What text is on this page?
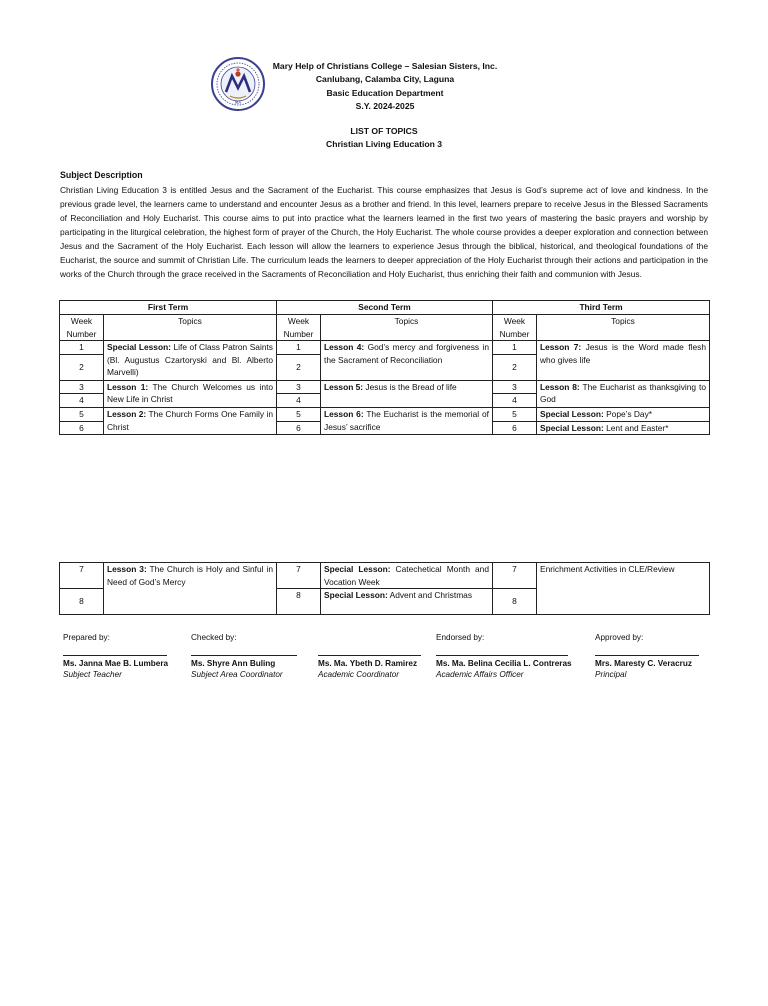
MA
Mary Help of Christians College – Salesian Sisters, Inc.
Canlubang, Calamba City, Laguna
Basic Education Department
S.Y. 2024-2025
LIST OF TOPICS
Christian Living Education 3
Subject Description
Christian Living Education 3 is entitled Jesus and the Sacrament of the Eucharist. This course emphasizes that Jesus is God’s supreme act of love and kindness. In the previous grade level, the learners came to understand and encounter Jesus as a brother and friend. In this level, learners prepare to receive Jesus in the Blessed Sacraments of Reconciliation and Holy Eucharist. This course aims to put into practice what the learners learned in the first two years of mastering the basic prayers and worship by participating in the liturgical celebration, the highest form of prayer of the Church, the Holy Eucharist. The whole course provides a deeper exploration and connection between Jesus and the Sacrament of the Holy Eucharist. Each lesson will allow the learners to experience Jesus through the biblical, historical, and theological foundations of the Eucharist, the source and summit of Christian Life. The curriculum leads the learners to deeper appreciation of the Holy Eucharist through their actions and participation in the works of the Church through the grace received in the Sacraments of Reconciliation and Holy Eucharist, thus enriching their faith and communion with Jesus.
First Term		Second Term		Third Term	
Week
Number	Topics	Week
Number	Topics	Week
Number	Topics
1	Special Lesson: Life of Class Patron Saints (Bl. Augustus Czartoryski and Bl. Alberto Marvelli)	1	Lesson 4: God’s mercy and forgiveness in the Sacrament of Reconciliation	1	Lesson 7: Jesus is the Word made flesh who gives life
2		2		2	
3	Lesson 1: The Church Welcomes us into New Life in Christ	3	Lesson 5: Jesus is the Bread of life	3	Lesson 8: The Eucharist as thanksgiving to God
4		4		4	
5	Lesson 2: The Church Forms One Family in Christ	5	Lesson 6: The Eucharist is the memorial of Jesus’ sacrifice	5	Special Lesson: Pope’s Day*
6		6		6	Special Lesson: Lent and Easter*
7	Lesson 3: The Church is Holy and Sinful in Need of God’s Mercy	7	Special Lesson: Catechetical Month and Vocation Week	7	Enrichment Activities in CLE/Review
8		8	Special Lesson: Advent and Christmas	8	
Prepared by:
Ms. Janna Mae B. Lumbera
Subject Teacher
Checked by:
Ms. Shyre Ann Buling
Subject Area Coordinator
Ms. Ma. Ybeth D. Ramirez
Academic Coordinator
Endorsed by:
Ms. Ma. Belina Cecilia L. Contreras
Academic Affairs Officer
Approved by:
Mrs. Maresty C. Veracruz
Principal
